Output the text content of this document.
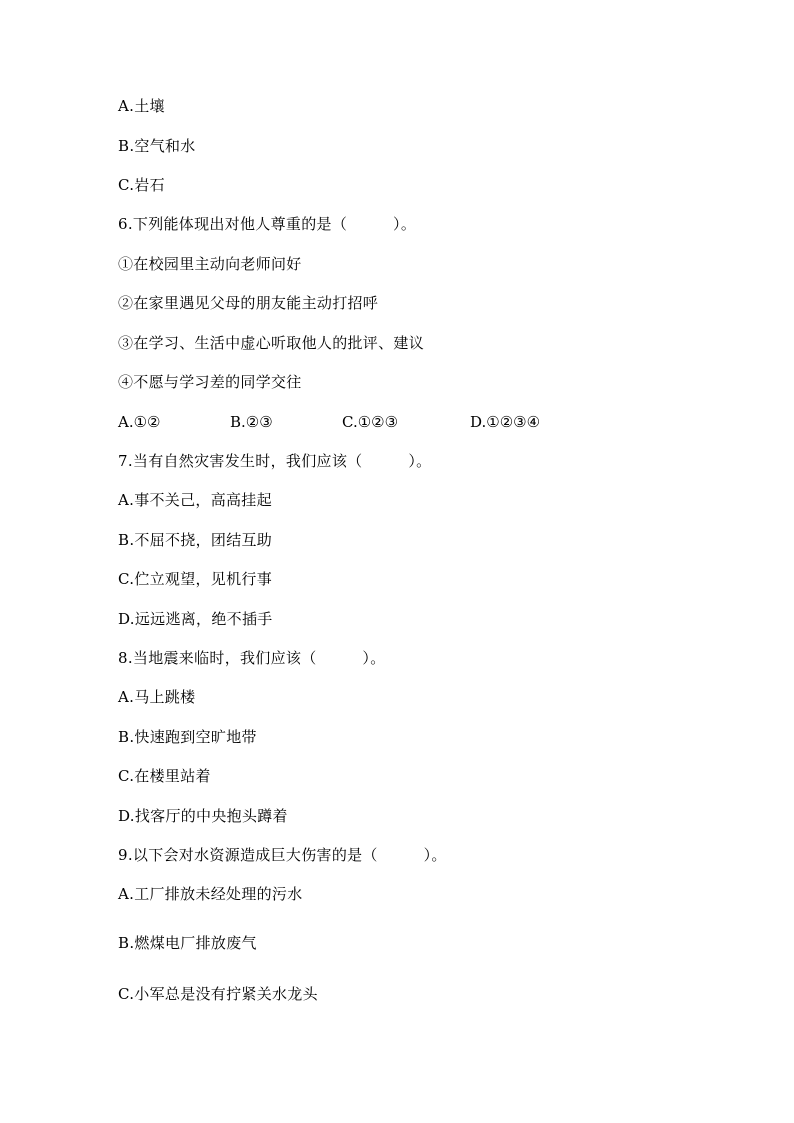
A.土壤
B.空气和水
C.岩石
6.下列能体现出对他人尊重的是（　　　）。
①在校园里主动向老师问好
②在家里遇见父母的朋友能主动打招呼
③在学习、生活中虚心听取他人的批评、建议
④不愿与学习差的同学交往
A.①②	B.②③	C.①②③	D.①②③④
7.当有自然灾害发生时，我们应该（　　　）。
A.事不关己，高高挂起
B.不屈不挠，团结互助
C.伫立观望，见机行事
D.远远逃离，绝不插手
8.当地震来临时，我们应该（　　　）。
A.马上跳楼
B.快速跑到空旷地带
C.在楼里站着
D.找客厅的中央抱头蹲着
9.以下会对水资源造成巨大伤害的是（　　　）。
A.工厂排放未经处理的污水
B.燃煤电厂排放废气
C.小军总是没有拧紧关水龙头
